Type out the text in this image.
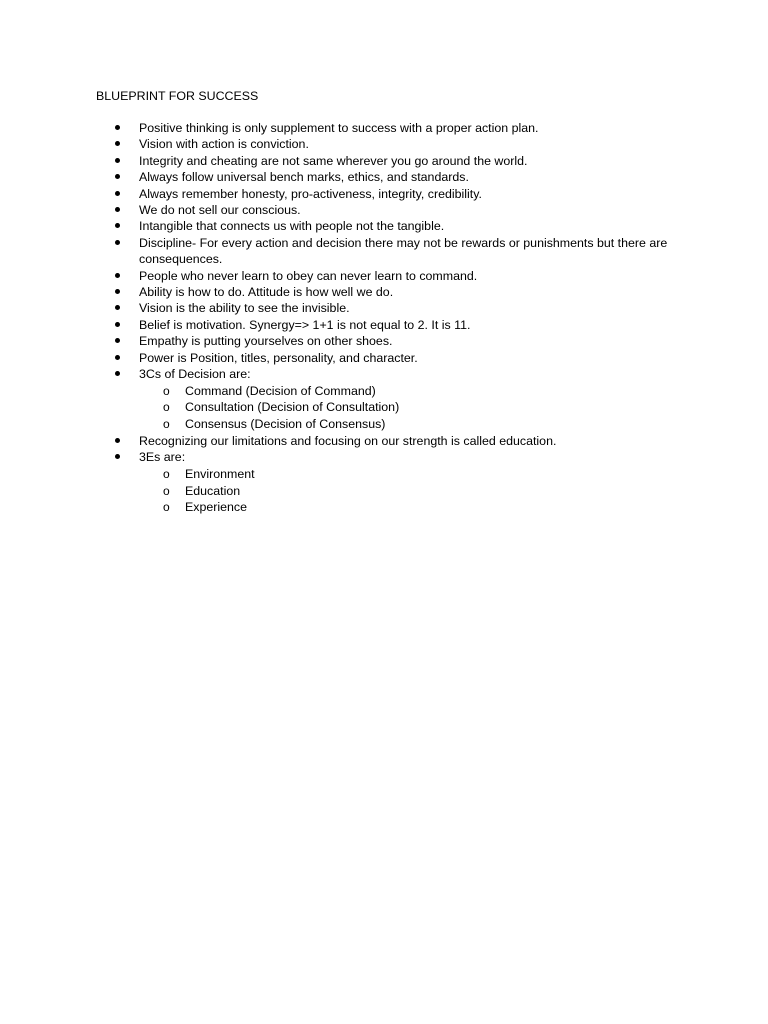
BLUEPRINT FOR SUCCESS
Positive thinking is only supplement to success with a proper action plan.
Vision with action is conviction.
Integrity and cheating are not same wherever you go around the world.
Always follow universal bench marks, ethics, and standards.
Always remember honesty, pro-activeness, integrity, credibility.
We do not sell our conscious.
Intangible that connects us with people not the tangible.
Discipline- For every action and decision there may not be rewards or punishments but there are consequences.
People who never learn to obey can never learn to command.
Ability is how to do. Attitude is how well we do.
Vision is the ability to see the invisible.
Belief is motivation. Synergy=> 1+1 is not equal to 2. It is 11.
Empathy is putting yourselves on other shoes.
Power is Position, titles, personality, and character.
3Cs of Decision are:
o Command (Decision of Command)
o Consultation (Decision of Consultation)
o Consensus (Decision of Consensus)
Recognizing our limitations and focusing on our strength is called education.
3Es are:
o Environment
o Education
o Experience
